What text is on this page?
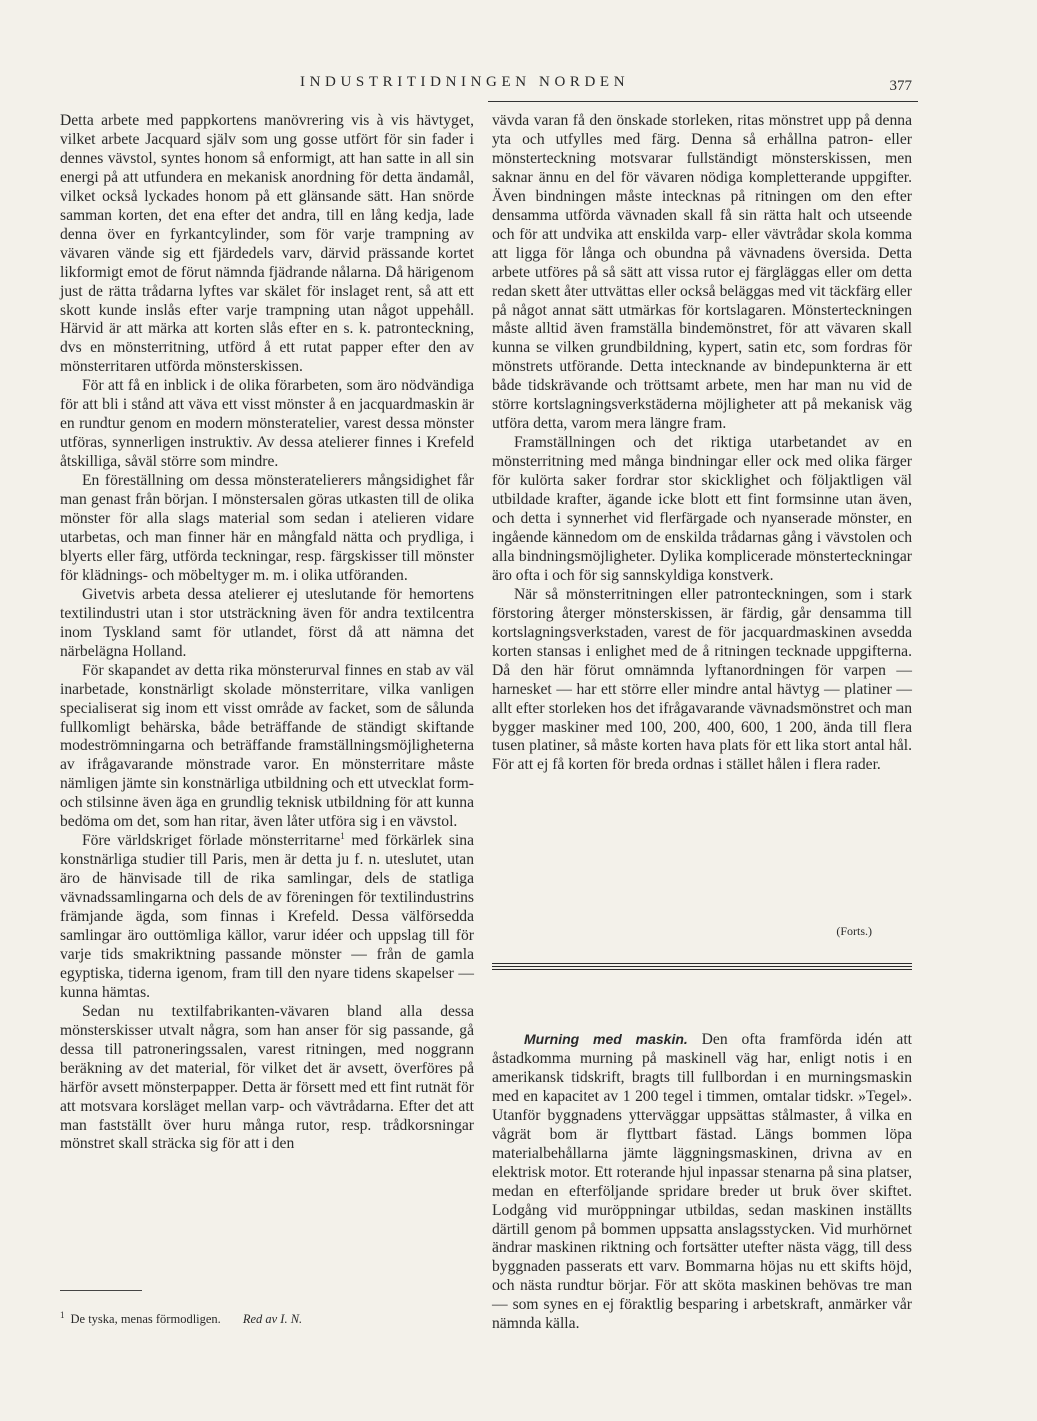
INDUSTRITIDNINGEN NORDEN	377

Detta arbete med pappkortens manövrering vis à vis hävtyget, vilket arbete Jacquard själv som ung gosse utfört för sin fader i dennes vävstol, syntes honom så enformigt, att han satte in all sin energi på att utfundera en mekanisk anordning för detta ändamål, vilket också lyckades honom på ett glänsande sätt. Han snörde samman korten, det ena efter det andra, till en lång kedja, lade denna över en fyrkantcylinder, som för varje trampning av vävaren vände sig ett fjärdedels varv, därvid prässande kortet likformigt emot de förut nämnda fjädrande nålarna. Då härigenom just de rätta trådarna lyftes var skälet för inslaget rent, så att ett skott kunde inslås efter varje trampning utan något uppehåll. Härvid är att märka att korten slås efter en s. k. patronteckning, dvs en mönsterritning, utförd å ett rutat papper efter den av mönsterritaren utförda mönsterskissen.

För att få en inblick i de olika förarbeten, som äro nödvändiga för att bli i stånd att väva ett visst mönster å en jacquardmaskin är en rundtur genom en modern mönsteratelier, varest dessa mönster utföras, synnerligen instruktiv. Av dessa atelierer finnes i Krefeld åtskilliga, såväl större som mindre.

En föreställning om dessa mönsteratelierers mångsidighet får man genast från början. I mönstersalen göras utkasten till de olika mönster för alla slags material som sedan i atelieren vidare utarbetas, och man finner här en mångfald nätta och prydliga, i blyerts eller färg, utförda teckningar, resp. färgskisser till mönster för klädnings- och möbeltyger m. m. i olika utföranden.

Givetvis arbeta dessa atelierer ej uteslutande för hemortens textilindustri utan i stor utsträckning även för andra textilcentra inom Tyskland samt för utlandet, först då att nämna det närbelägna Holland.

För skapandet av detta rika mönsterurval finnes en stab av väl inarbetade, konstnärligt skolade mönsterritare, vilka vanligen specialiserat sig inom ett visst område av facket, som de sålunda fullkomligt behärska, både beträffande de ständigt skiftande modeströmningarna och beträffande framställningsmöjligheterna av ifrågavarande mönstrade varor. En mönsterritare måste nämligen jämte sin konstnärliga utbildning och ett utvecklat form- och stilsinne även äga en grundlig teknisk utbildning för att kunna bedöma om det, som han ritar, även låter utföra sig i en vävstol.

Före världskriget förlade mönsterritarne$^1$ med förkärlek sina konstnärliga studier till Paris, men är detta ju f. n. uteslutet, utan äro de hänvisade till de rika samlingar, dels de statliga vävnadssamlingarna och dels de av föreningen för textilindustrins främjande ägda, som finnas i Krefeld. Dessa välförsedda samlingar äro outtömliga källor, varur idéer och uppslag till för varje tids smakriktning passande mönster — från de gamla egyptiska, tiderna igenom, fram till den nyare tidens skapelser — kunna hämtas.

Sedan nu textilfabrikanten-vävaren bland alla dessa mönsterskisser utvalt några, som han anser för sig passande, gå dessa till patroneringssalen, varest ritningen, med noggrann beräkning av det material, för vilket det är avsett, överföres på härför avsett mönsterpapper. Detta är försett med ett fint rutnät för att motsvara korsläget mellan varp- och vävtrådarna. Efter det att man fastställt över huru många rutor, resp. trådkorsningar mönstret skall sträcka sig för att i den

vävda varan få den önskade storleken, ritas mönstret upp på denna yta och utfylles med färg. Denna så erhållna patron- eller mönsterteckning motsvarar fullständigt mönsterskissen, men saknar ännu en del för vävaren nödiga kompletterande uppgifter. Även bindningen måste intecknas på ritningen om den efter densamma utförda vävnaden skall få sin rätta halt och utseende och för att undvika att enskilda varp- eller vävtrådar skola komma att ligga för långa och obundna på vävnadens översida. Detta arbete utföres på så sätt att vissa rutor ej färgläggas eller om detta redan skett åter uttvättas eller också beläggas med vit täckfärg eller på något annat sätt utmärkas för kortslagaren. Mönsterteckningen måste alltid även framställa bindemönstret, för att vävaren skall kunna se vilken grundbildning, kypert, satin etc, som fordras för mönstrets utförande. Detta intecknande av bindepunkterna är ett både tidskrävande och tröttsamt arbete, men har man nu vid de större kortslagningsverkstäderna möjligheter att på mekanisk väg utföra detta, varom mera längre fram.

Framställningen och det riktiga utarbetandet av en mönsterritning med många bindningar eller ock med olika färger för kulörta saker fordrar stor skicklighet och följaktligen väl utbildade krafter, ägande icke blott ett fint formsinne utan även, och detta i synnerhet vid flerfärgade och nyanserade mönster, en ingående kännedom om de enskilda trådarnas gång i vävstolen och alla bindningsmöjligheter. Dylika komplicerade mönsterteckningar äro ofta i och för sig sannskyldiga konstverk.

När så mönsterritningen eller patronteckningen, som i stark förstoring återger mönsterskissen, är färdig, går densamma till kortslagningsverkstaden, varest de för jacquardmaskinen avsedda korten stansas i enlighet med de å ritningen tecknade uppgifterna. Då den här förut omnämnda lyftanordningen för varpen — harnesket — har ett större eller mindre antal hävtyg — platiner — allt efter storleken hos det ifrågavarande vävnadsmönstret och man bygger maskiner med 100, 200, 400, 600, 1 200, ända till flera tusen platiner, så måste korten hava plats för ett lika stort antal hål. För att ej få korten för breda ordnas i stället hålen i flera rader.

(Forts.)

Murning med maskin. Den ofta framförda idén att åstadkomma murning på maskinell väg har, enligt notis i en amerikansk tidskrift, bragts till fullbordan i en murningsmaskin med en kapacitet av 1 200 tegel i timmen, omtalar tidskr. »Tegel». Utanför byggnadens ytterväggar uppsättas stålmaster, å vilka en vågrät bom är flyttbart fästad. Längs bommen löpa materialbehållarna jämte läggningsmaskinen, drivna av en elektrisk motor. Ett roterande hjul inpassar stenarna på sina platser, medan en efterföljande spridare breder ut bruk över skiftet. Lodgång vid muröppningar utbildas, sedan maskinen inställts därtill genom på bommen uppsatta anslagsstycken. Vid murhörnet ändrar maskinen riktning och fortsätter utefter nästa vägg, till dess byggnaden passerats ett varv. Bommarna höjas nu ett skifts höjd, och nästa rundtur börjar. För att sköta maskinen behövas tre man — som synes en ej föraktlig besparing i arbetskraft, anmärker vår nämnda källa.

$^1$ De tyska, menas förmodligen. Red av I. N.
